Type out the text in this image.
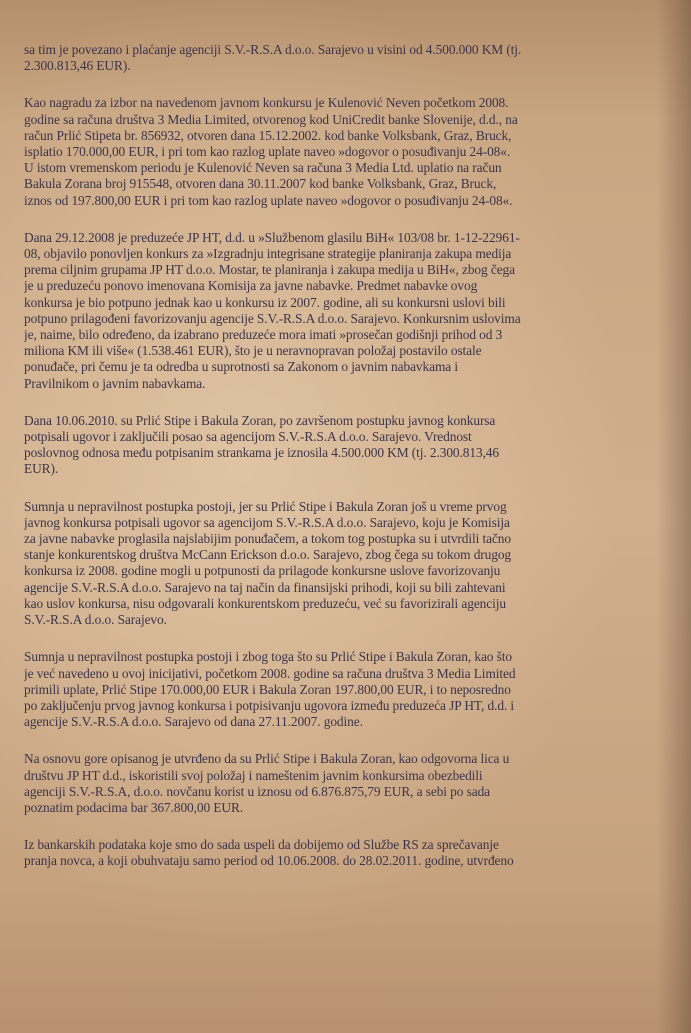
sa tim je povezano i plaćanje agenciji S.V.-R.S.A d.o.o. Sarajevo u visini od 4.500.000 KM (tj.
2.300.813,46 EUR).

Kao nagradu za izbor na navedenom javnom konkursu je Kulenović Neven početkom 2008.
godine sa računa društva 3 Media Limited, otvorenog kod UniCredit banke Slovenije, d.d., na
račun Prlić Stipeta br. 856932, otvoren dana 15.12.2002. kod banke Volksbank, Graz, Bruck,
isplatio 170.000,00 EUR, i pri tom kao razlog uplate naveo »dogovor o posuđivanju 24-08«.
U istom vremenskom periodu je Kulenović Neven sa računa 3 Media Ltd. uplatio na račun
Bakula Zorana broj 915548, otvoren dana 30.11.2007 kod banke Volksbank, Graz, Bruck,
iznos od 197.800,00 EUR i pri tom kao razlog uplate naveo »dogovor o posuđivanju 24-08«.

Dana 29.12.2008 je preduzeće JP HT, d.d. u »Službenom glasilu BiH« 103/08 br. 1-12-22961-
08, objavilo ponovljen konkurs za »Izgradnju integrisane strategije planiranja zakupa medija
prema ciljnim grupama JP HT d.o.o. Mostar, te planiranja i zakupa medija u BiH«, zbog čega
je u preduzeću ponovo imenovana Komisija za javne nabavke. Predmet nabavke ovog
konkursa je bio potpuno jednak kao u konkursu iz 2007. godine, ali su konkursni uslovi bili
potpuno prilagođeni favorizovanju agencije S.V.-R.S.A d.o.o. Sarajevo. Konkursnim uslovima
je, naime, bilo određeno, da izabrano preduzeće mora imati »prosečan godišnji prihod od 3
miliona KM ili više« (1.538.461 EUR), što je u neravnopravan položaj postavilo ostale
ponuđače, pri čemu je ta odredba u suprotnosti sa Zakonom o javnim nabavkama i
Pravilnikom o javnim nabavkama.

Dana 10.06.2010. su Prlić Stipe i Bakula Zoran, po završenom postupku javnog konkursa
potpisali ugovor i zaključili posao sa agencijom S.V.-R.S.A d.o.o. Sarajevo. Vrednost
poslovnog odnosa među potpisanim strankama je iznosila 4.500.000 KM (tj. 2.300.813,46
EUR).

Sumnja u nepravilnost postupka postoji, jer su Prlić Stipe i Bakula Zoran još u vreme prvog
javnog konkursa potpisali ugovor sa agencijom S.V.-R.S.A d.o.o. Sarajevo, koju je Komisija
za javne nabavke proglasila najslabijim ponuđačem, a tokom tog postupka su i utvrdili tačno
stanje konkurentskog društva McCann Erickson d.o.o. Sarajevo, zbog čega su tokom drugog
konkursa iz 2008. godine mogli u potpunosti da prilagode konkursne uslove favorizovanju
agencije S.V.-R.S.A d.o.o. Sarajevo na taj način da finansijski prihodi, koji su bili zahtevani
kao uslov konkursa, nisu odgovarali konkurentskom preduzeću, već su favorizirali agenciju
S.V.-R.S.A d.o.o. Sarajevo.

Sumnja u nepravilnost postupka postoji i zbog toga što su Prlić Stipe i Bakula Zoran, kao što
je već navedeno u ovoj inicijativi, početkom 2008. godine sa računa društva 3 Media Limited
primili uplate, Prlić Stipe 170.000,00 EUR i Bakula Zoran 197.800,00 EUR, i to neposredno
po zaključenju prvog javnog konkursa i potpisivanju ugovora između preduzeća JP HT, d.d. i
agencije S.V.-R.S.A d.o.o. Sarajevo od dana 27.11.2007. godine.

Na osnovu gore opisanog je utvrđeno da su Prlić Stipe i Bakula Zoran, kao odgovorna lica u
društvu JP HT d.d., iskoristili svoj položaj i nameštenim javnim konkursima obezbedili
agenciji S.V.-R.S.A, d.o.o. novčanu korist u iznosu od 6.876.875,79 EUR, a sebi po sada
poznatim podacima bar 367.800,00 EUR.

Iz bankarskih podataka koje smo do sada uspeli da dobijemo od Službe RS za sprečavanje
pranja novca, a koji obuhvataju samo period od 10.06.2008. do 28.02.2011. godine, utvrđeno
